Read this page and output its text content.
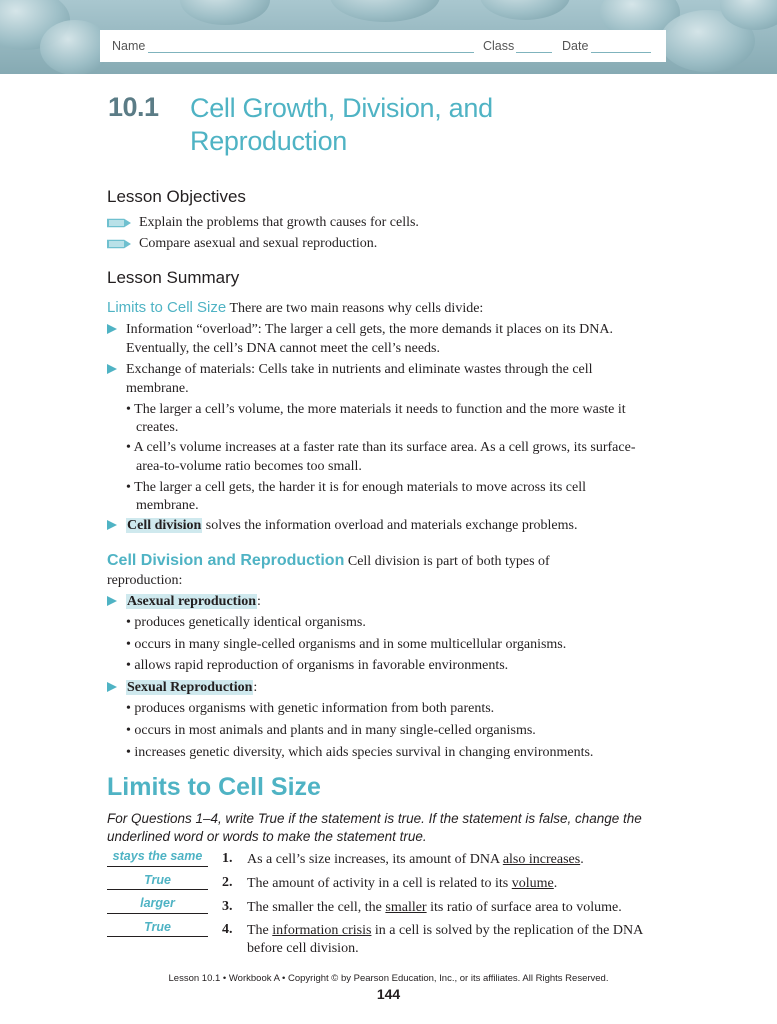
Name	Class	Date
10.1 Cell Growth, Division, and Reproduction
Lesson Objectives
Explain the problems that growth causes for cells.
Compare asexual and sexual reproduction.
Lesson Summary
Limits to Cell Size There are two main reasons why cells divide:
Information “overload”: The larger a cell gets, the more demands it places on its DNA.
Eventually, the cell’s DNA cannot meet the cell’s needs.
Exchange of materials: Cells take in nutrients and eliminate wastes through the cell
membrane.
• The larger a cell’s volume, the more materials it needs to function and the more waste it
creates.
• A cell’s volume increases at a faster rate than its surface area. As a cell grows, its surface-
area-to-volume ratio becomes too small.
• The larger a cell gets, the harder it is for enough materials to move across its cell
membrane.
Cell division solves the information overload and materials exchange problems.
Cell Division and Reproduction Cell division is part of both types of
reproduction:
Asexual reproduction:
• produces genetically identical organisms.
• occurs in many single-celled organisms and in some multicellular organisms.
• allows rapid reproduction of organisms in favorable environments.
Sexual Reproduction:
• produces organisms with genetic information from both parents.
• occurs in most animals and plants and in many single-celled organisms.
• increases genetic diversity, which aids species survival in changing environments.
Limits to Cell Size
For Questions 1–4, write True if the statement is true. If the statement is false, change the underlined word or words to make the statement true.
stays the same	1. As a cell’s size increases, its amount of DNA also increases.
True	2. The amount of activity in a cell is related to its volume.
larger	3. The smaller the cell, the smaller its ratio of surface area to volume.
True	4. The information crisis in a cell is solved by the replication of the DNA
before cell division.
Lesson 10.1 • Workbook A • Copyright © by Pearson Education, Inc., or its affiliates. All Rights Reserved.
144
